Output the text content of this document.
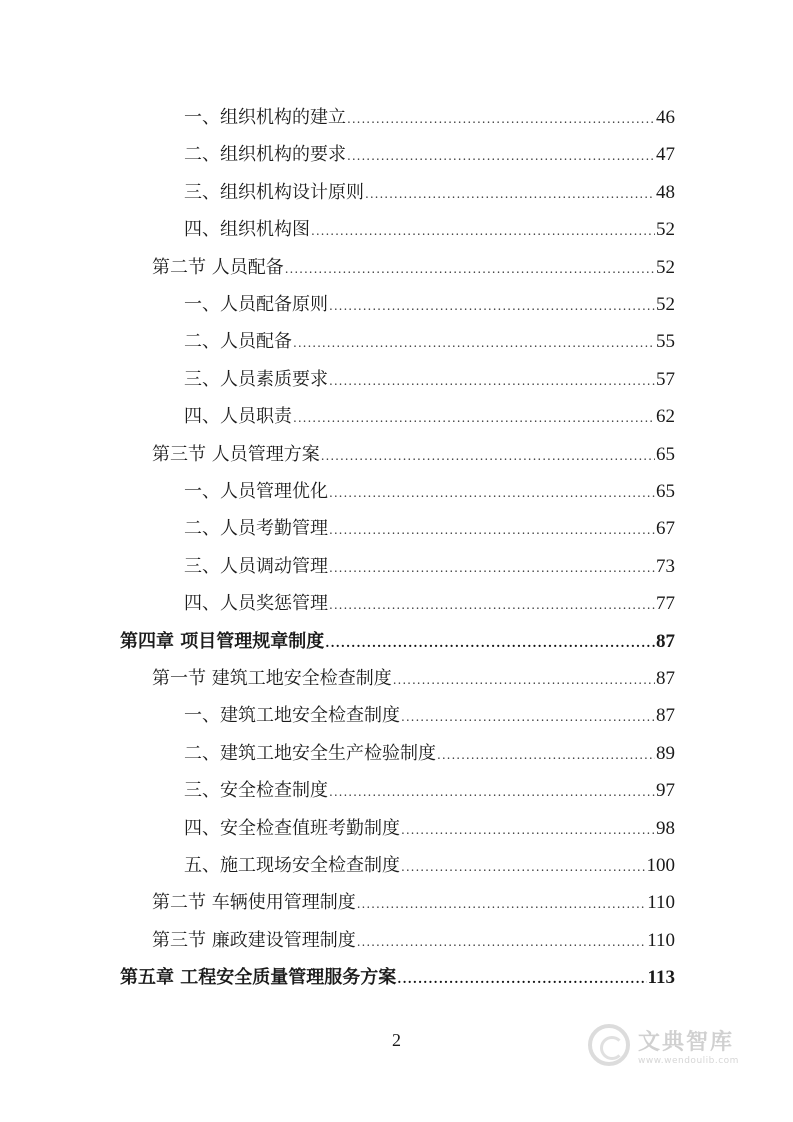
一、组织机构的建立 .....	46
二、组织机构的要求 .....	47
三、组织机构设计原则 .....	48
四、组织机构图 .....	52
第二节 人员配备 .....	52
一、人员配备原则 .....	52
二、人员配备 .....	55
三、人员素质要求 .....	57
四、人员职责 .....	62
第三节 人员管理方案 .....	65
一、人员管理优化 .....	65
二、人员考勤管理 .....	67
三、人员调动管理 .....	73
四、人员奖惩管理 .....	77
第四章 项目管理规章制度 .....	87
第一节 建筑工地安全检查制度 .....	87
一、建筑工地安全检查制度 .....	87
二、建筑工地安全生产检验制度 .....	89
三、安全检查制度 .....	97
四、安全检查值班考勤制度 .....	98
五、施工现场安全检查制度 .....	100
第二节 车辆使用管理制度 .....	110
第三节 廉政建设管理制度 .....	110
第五章 工程安全质量管理服务方案 .....	113
2	文典智库
www.wendoulib.com
